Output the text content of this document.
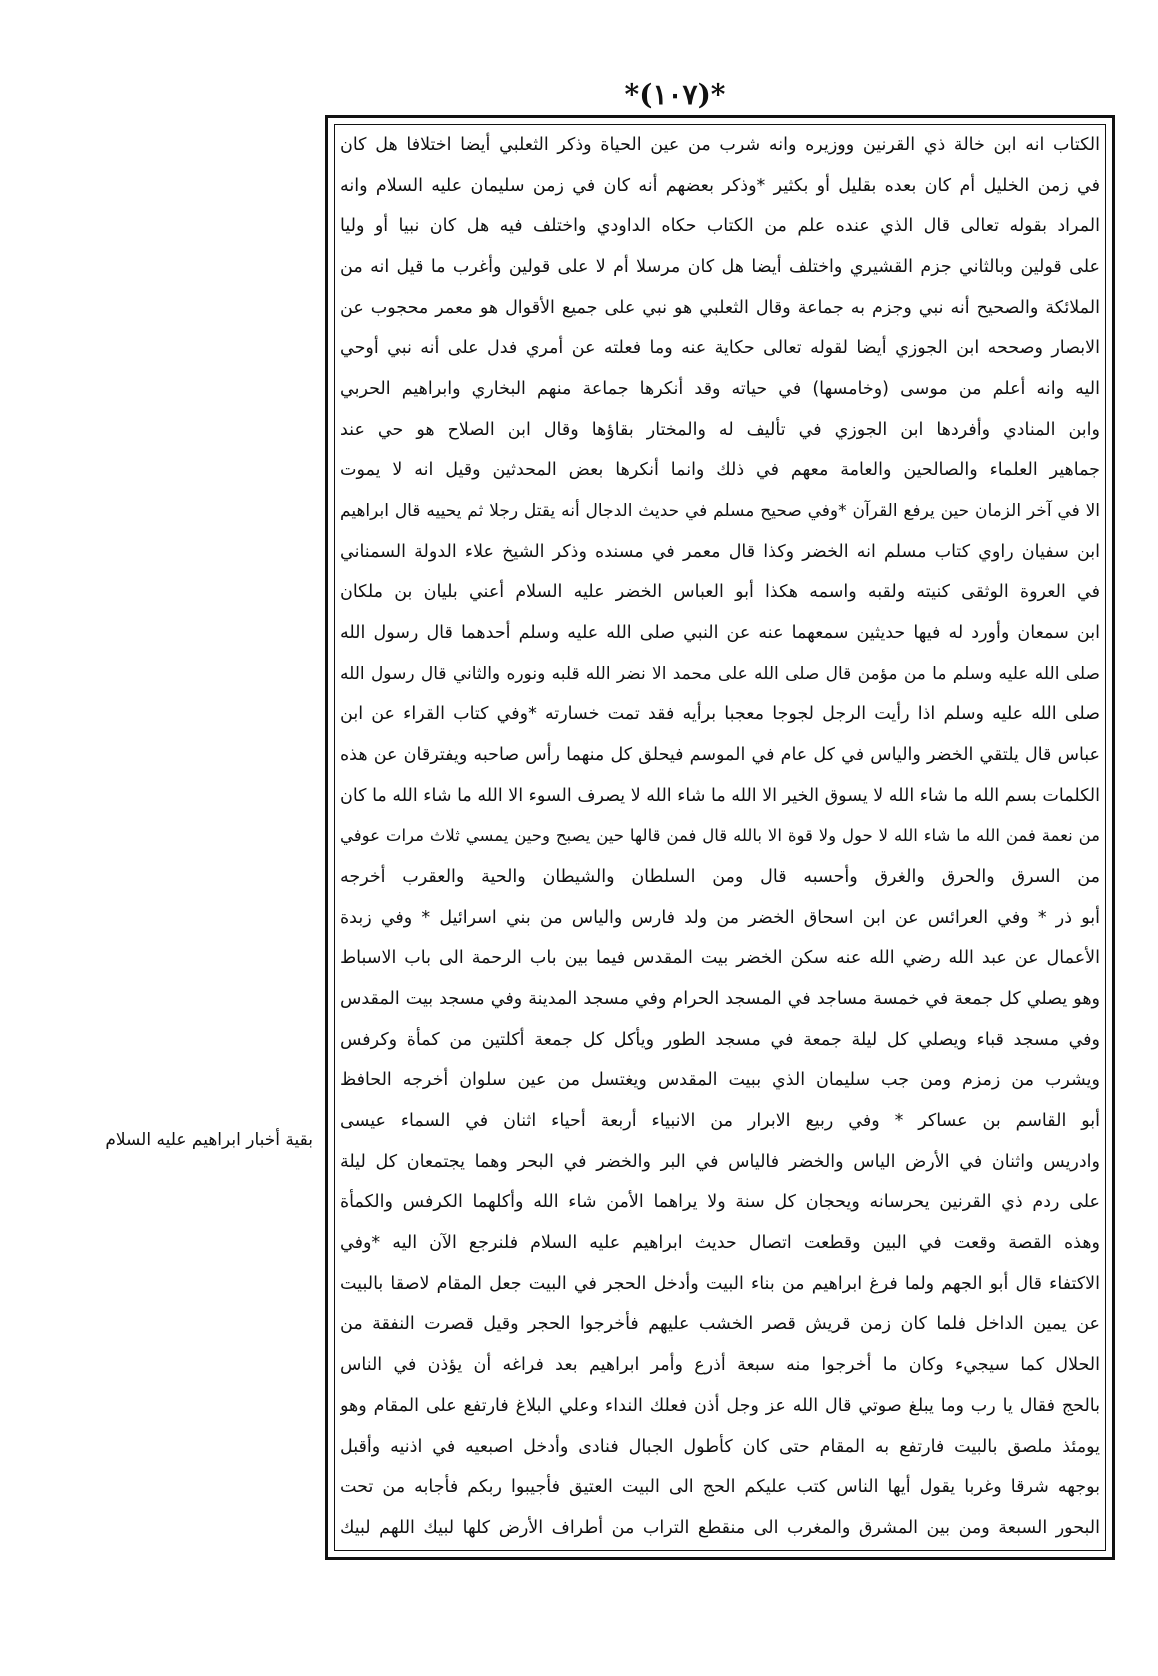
*(١٠٧)*
بقية أخبار ابراهيم عليه السلام
الكتاب انه ابن خالة ذي القرنين ووزيره وانه شرب من عين الحياة وذكر الثعلبي أيضا اختلافا هل كان
في زمن الخليل أم كان بعده بقليل أو بكثير *وذكر بعضهم أنه كان في زمن سليمان عليه السلام وانه
المراد بقوله تعالى قال الذي عنده علم من الكتاب حكاه الداودي واختلف فيه هل كان نبيا أو وليا
على قولين وبالثاني جزم القشيري واختلف أيضا هل كان مرسلا أم لا على قولين وأغرب ما قيل انه من
الملائكة والصحيح أنه نبي وجزم به جماعة وقال الثعلبي هو نبي على جميع الأقوال هو معمر محجوب عن
الابصار وصححه ابن الجوزي أيضا لقوله تعالى حكاية عنه وما فعلته عن أمري فدل على أنه نبي أوحي
اليه وانه أعلم من موسى (وخامسها) في حياته وقد أنكرها جماعة منهم البخاري وابراهيم الحربي
وابن المنادي وأفردها ابن الجوزي في تأليف له والمختار بقاؤها وقال ابن الصلاح هو حي عند
جماهير العلماء والصالحين والعامة معهم في ذلك وانما أنكرها بعض المحدثين وقيل انه لا يموت
الا في آخر الزمان حين يرفع القرآن *وفي صحيح مسلم في حديث الدجال أنه يقتل رجلا ثم يحييه قال ابراهيم
ابن سفيان راوي كتاب مسلم انه الخضر وكذا قال معمر في مسنده وذكر الشيخ علاء الدولة السمناني
في العروة الوثقى كنيته ولقبه واسمه هكذا أبو العباس الخضر عليه السلام أعني بليان بن ملكان
ابن سمعان وأورد له فيها حديثين سمعهما عنه عن النبي صلى الله عليه وسلم أحدهما قال رسول الله
صلى الله عليه وسلم ما من مؤمن قال صلى الله على محمد الا نضر الله قلبه ونوره والثاني قال رسول الله
صلى الله عليه وسلم اذا رأيت الرجل لجوجا معجبا برأيه فقد تمت خسارته *وفي كتاب القراء عن ابن
عباس قال يلتقي الخضر والياس في كل عام في الموسم فيحلق كل منهما رأس صاحبه ويفترقان عن هذه
الكلمات بسم الله ما شاء الله لا يسوق الخير الا الله ما شاء الله لا يصرف السوء الا الله ما شاء الله ما كان
من نعمة فمن الله ما شاء الله لا حول ولا قوة الا بالله قال فمن قالها حين يصبح وحين يمسي ثلاث مرات عوفي
من السرق والحرق والغرق وأحسبه قال ومن السلطان والشيطان والحية والعقرب أخرجه
أبو ذر * وفي العرائس عن ابن اسحاق الخضر من ولد فارس والياس من بني اسرائيل * وفي زبدة
الأعمال عن عبد الله رضي الله عنه سكن الخضر بيت المقدس فيما بين باب الرحمة الى باب الاسباط
وهو يصلي كل جمعة في خمسة مساجد في المسجد الحرام وفي مسجد المدينة وفي مسجد بيت المقدس
وفي مسجد قباء ويصلي كل ليلة جمعة في مسجد الطور ويأكل كل جمعة أكلتين من كمأة وكرفس
ويشرب من زمزم ومن جب سليمان الذي ببيت المقدس ويغتسل من عين سلوان أخرجه الحافظ
أبو القاسم بن عساكر * وفي ربيع الابرار من الانبياء أربعة أحياء اثنان في السماء عيسى
وادريس واثنان في الأرض الياس والخضر فالياس في البر والخضر في البحر وهما يجتمعان كل ليلة
على ردم ذي القرنين يحرسانه ويحجان كل سنة ولا يراهما الأمن شاء الله وأكلهما الكرفس والكمأة
وهذه القصة وقعت في البين وقطعت اتصال حديث ابراهيم عليه السلام فلنرجع الآن اليه *وفي
الاكتفاء قال أبو الجهم ولما فرغ ابراهيم من بناء البيت وأدخل الحجر في البيت جعل المقام لاصقا بالبيت
عن يمين الداخل فلما كان زمن قريش قصر الخشب عليهم فأخرجوا الحجر وقيل قصرت النفقة من
الحلال كما سيجيء وكان ما أخرجوا منه سبعة أذرع وأمر ابراهيم بعد فراغه أن يؤذن في الناس
بالحج فقال يا رب وما يبلغ صوتي قال الله عز وجل أذن فعلك النداء وعلي البلاغ فارتفع على المقام وهو
يومئذ ملصق بالبيت فارتفع به المقام حتى كان كأطول الجبال فنادى وأدخل اصبعيه في اذنيه وأقبل
بوجهه شرقا وغربا يقول أيها الناس كتب عليكم الحج الى البيت العتيق فأجيبوا ربكم فأجابه من تحت
البحور السبعة ومن بين المشرق والمغرب الى منقطع التراب من أطراف الأرض كلها لبيك اللهم لبيك
